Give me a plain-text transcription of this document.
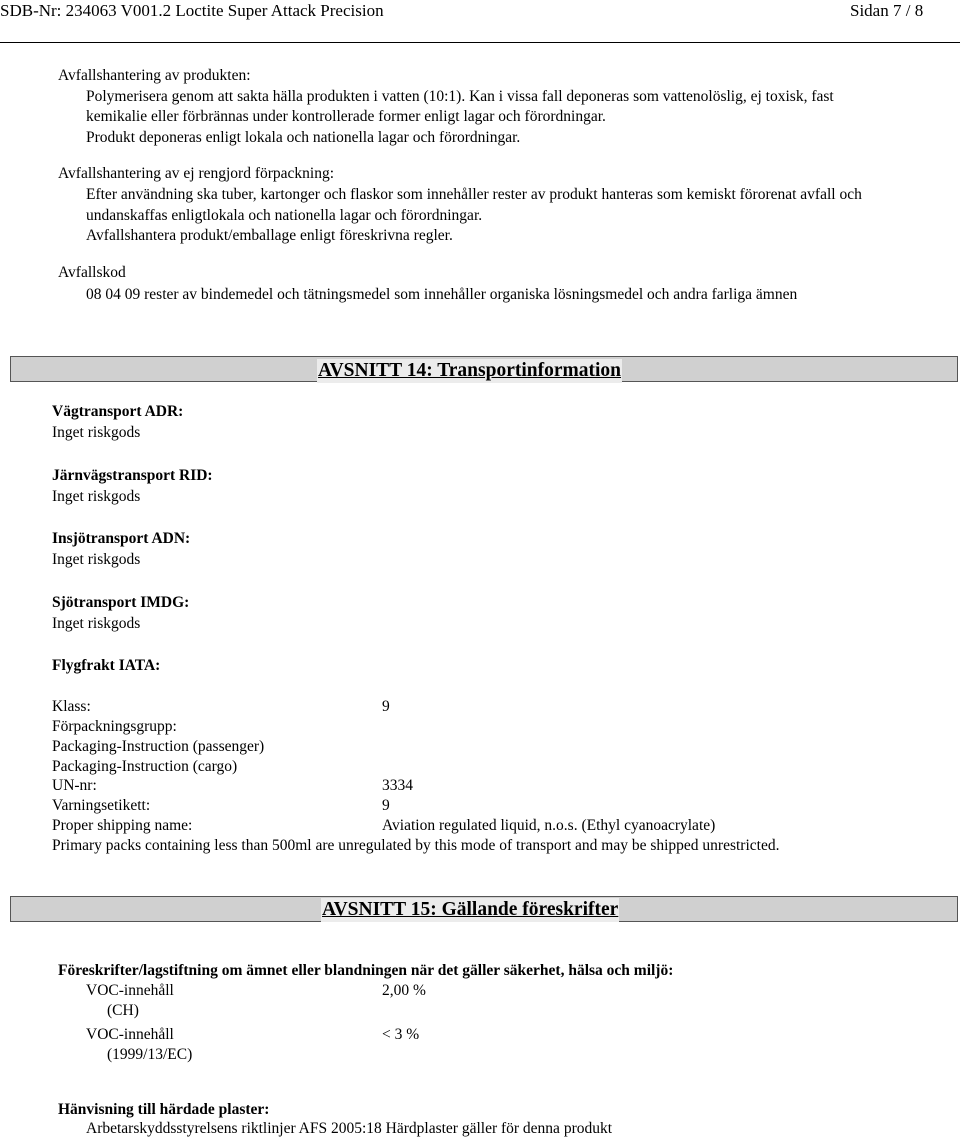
SDB-Nr: 234063 V001.2 Loctite Super Attack Precision	Sidan 7 / 8
Avfallshantering av produkten:
Polymerisera genom att sakta hälla produkten i vatten (10:1). Kan i vissa fall deponeras som vattenolöslig, ej toxisk, fast
kemikalie eller förbrännas under kontrollerade former enligt lagar och förordningar.
Produkt deponeras enligt lokala och nationella lagar och förordningar.
Avfallshantering av ej rengjord förpackning:
Efter användning ska tuber, kartonger och flaskor som innehåller rester av produkt hanteras som kemiskt förorenat avfall och
undanskaffas enligtlokala och nationella lagar och förordningar.
Avfallshantera produkt/emballage enligt föreskrivna regler.
Avfallskod
08 04 09 rester av bindemedel och tätningsmedel som innehåller organiska lösningsmedel och andra farliga ämnen
AVSNITT 14: Transportinformation
Vägtransport ADR:
Inget riskgods
Järnvägstransport RID:
Inget riskgods
Insjötransport ADN:
Inget riskgods
Sjötransport IMDG:
Inget riskgods
Flygfrakt IATA:
Klass:	9
Förpackningsgrupp:
Packaging-Instruction (passenger)
Packaging-Instruction (cargo)
UN-nr:	3334
Varningsetikett:	9
Proper shipping name:	Aviation regulated liquid, n.o.s. (Ethyl cyanoacrylate)
Primary packs containing less than 500ml are unregulated by this mode of transport and may be shipped unrestricted.
AVSNITT 15: Gällande föreskrifter
Föreskrifter/lagstiftning om ämnet eller blandningen när det gäller säkerhet, hälsa och miljö:
VOC-innehåll	2,00 %
(CH)
VOC-innehåll	< 3 %
(1999/13/EC)
Hänvisning till härdade plaster:
Arbetarskyddsstyrelsens riktlinjer AFS 2005:18 Härdplaster gäller för denna produkt
